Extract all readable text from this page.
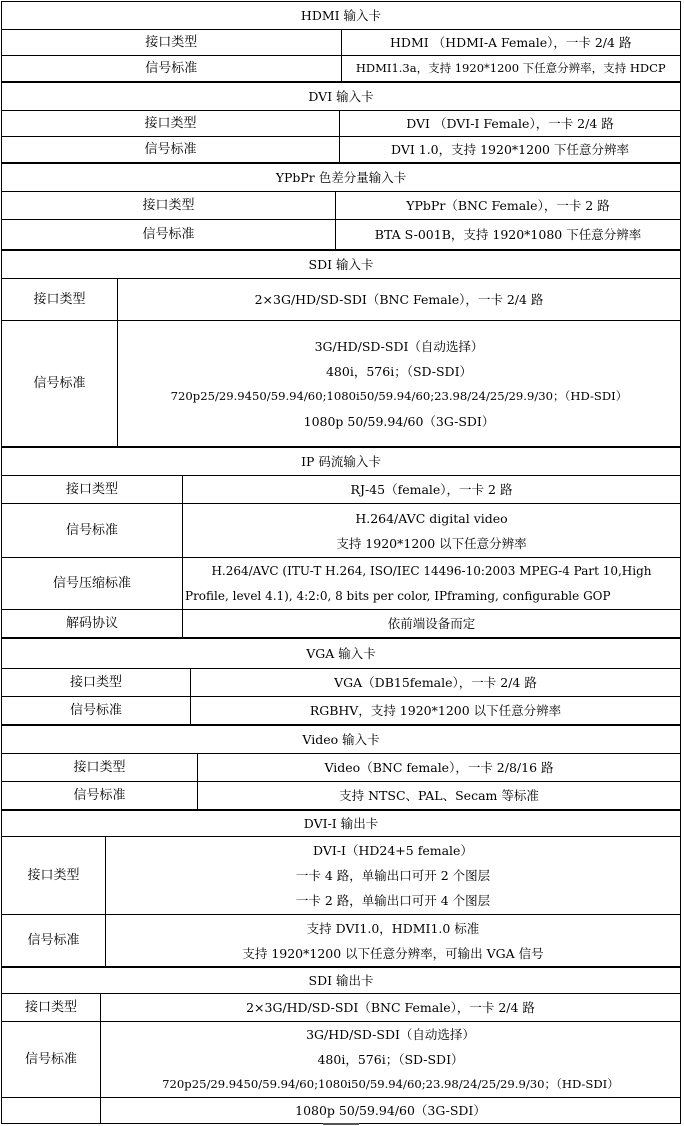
HDMI 输入卡	
接口类型	HDMI （HDMI-A Female），一卡 2/4 路
信号标准	HDMI1.3a，支持 1920*1200 下任意分辨率，支持 HDCP
DVI 输入卡	
接口类型	DVI （DVI-I Female），一卡 2/4 路
信号标准	DVI 1.0，支持 1920*1200 下任意分辨率
YPbPr 色差分量输入卡	
接口类型	YPbPr（BNC Female），一卡 2 路
信号标准	BTA S-001B，支持 1920*1080 下任意分辨率
SDI 输入卡	
接口类型	2×3G/HD/SD-SDI（BNC Female），一卡 2/4 路
信号标准	3G/HD/SD-SDI（自动选择）
480i，576i；（SD-SDI）
720p25/29.9450/59.94/60;1080i50/59.94/60;23.98/24/25/29.9/30；（HD-SDI）
1080p 50/59.94/60（3G-SDI）
IP 码流输入卡	
接口类型	RJ-45（female），一卡 2 路
信号标准	H.264/AVC digital video
支持 1920*1200 以下任意分辨率

信号压缩标准	H.264/AVC (ITU-T H.264, ISO/IEC 14496-10:2003 MPEG-4 Part 10,High
Profile, level 4.1), 4:2:0, 8 bits per color, IPframing, configurable GOP

解码协议	依前端设备而定
VGA 输入卡	
接口类型	VGA（DB15female），一卡 2/4 路
信号标准	RGBHV，支持 1920*1200 以下任意分辨率
Video 输入卡	
接口类型	Video（BNC female），一卡 2/8/16 路
信号标准	支持 NTSC、PAL、Secam 等标准
DVI-I 输出卡	
接口类型	DVI-I（HD24+5 female）
一卡 4 路，单输出口可开 2 个图层
一卡 2 路，单输出口可开 4 个图层

信号标准	支持 DVI1.0，HDMI1.0 标准
支持 1920*1200 以下任意分辨率，可输出 VGA 信号
SDI 输出卡	
接口类型	2×3G/HD/SD-SDI（BNC Female），一卡 2/4 路
信号标准	3G/HD/SD-SDI（自动选择）
480i，576i；（SD-SDI）
720p25/29.9450/59.94/60;1080i50/59.94/60;23.98/24/25/29.9/30；（HD-SDI）

	1080p 50/59.94/60（3G-SDI）
